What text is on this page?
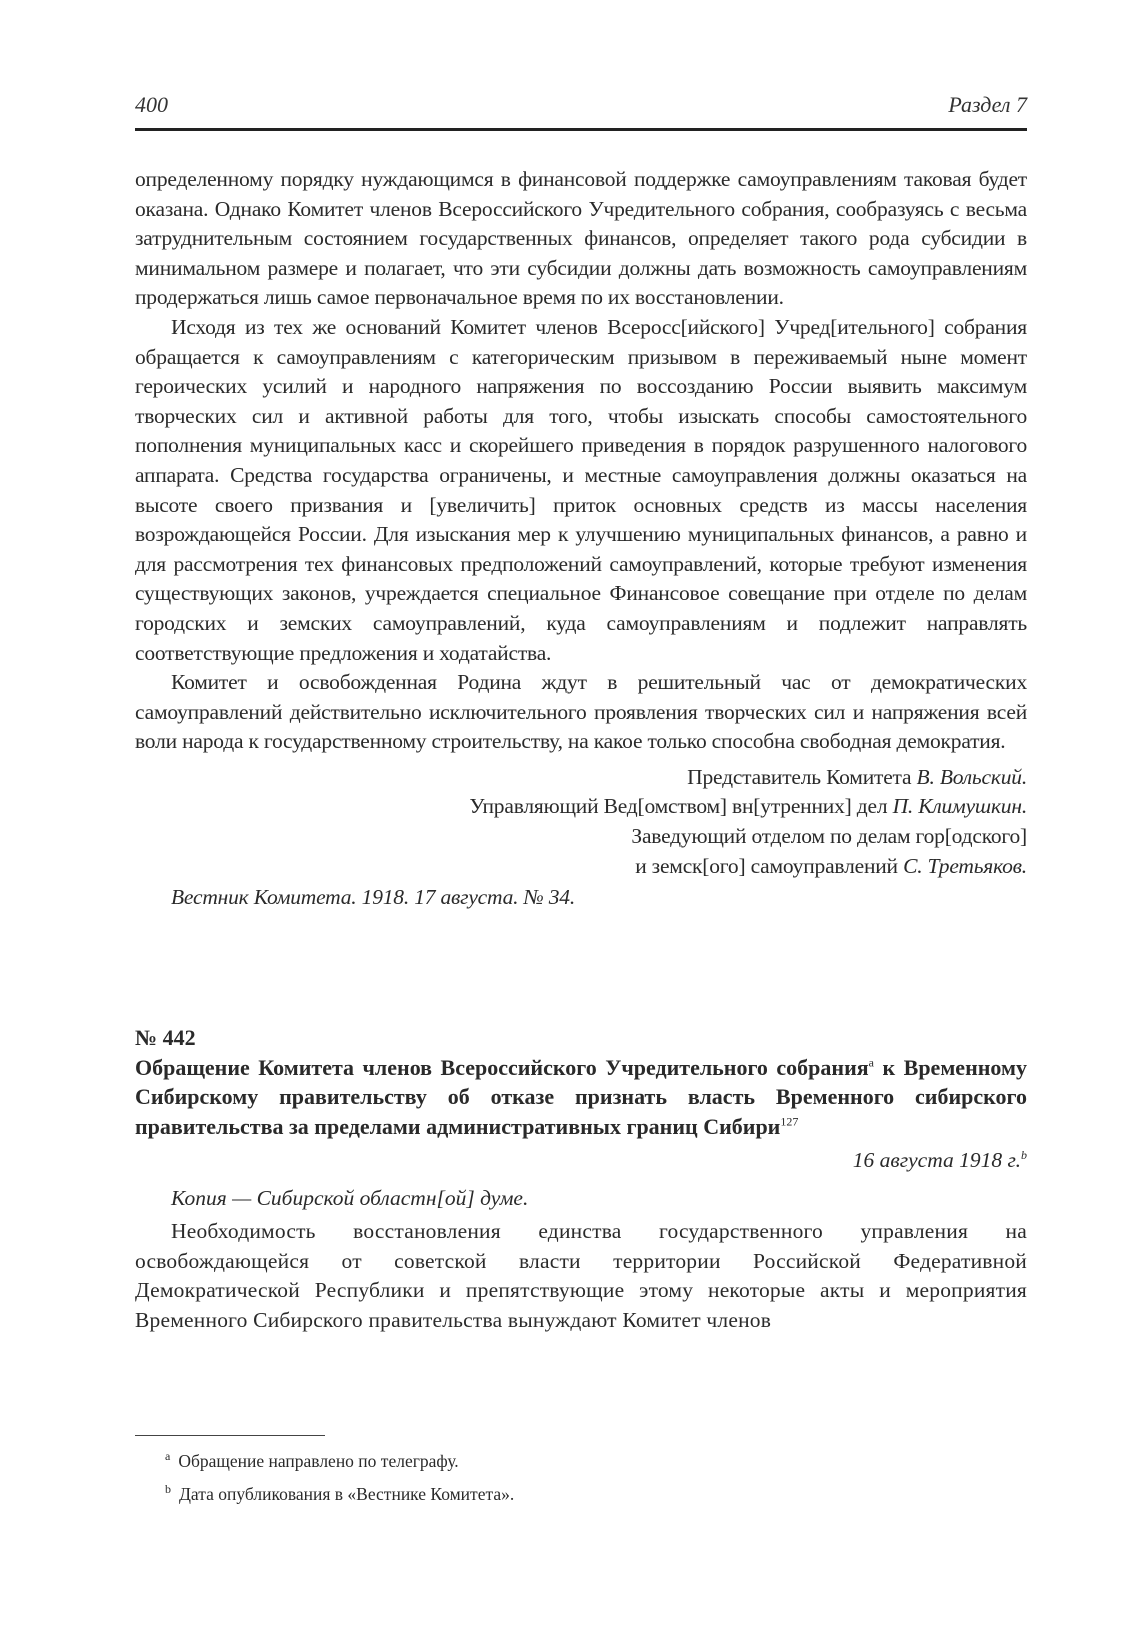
400	Раздел 7

определенному порядку нуждающимся в финансовой поддержке самоуправлениям таковая будет оказана. Однако Комитет членов Всероссийского Учредительного собрания, сообразуясь с весьма затруднительным состоянием государственных финансов, определяет такого рода субсидии в минимальном размере и полагает, что эти субсидии должны дать возможность самоуправлениям продержаться лишь самое первоначальное время по их восстановлении.

Исходя из тех же оснований Комитет членов Всеросс[ийского] Учред[ительного] собрания обращается к самоуправлениям с категорическим призывом в переживаемый ныне момент героических усилий и народного напряжения по воссозданию России выявить максимум творческих сил и активной работы для того, чтобы изыскать способы самостоятельного пополнения муниципальных касс и скорейшего приведения в порядок разрушенного налогового аппарата. Средства государства ограничены, и местные самоуправления должны оказаться на высоте своего призвания и [увеличить] приток основных средств из массы населения возрождающейся России. Для изыскания мер к улучшению муниципальных финансов, а равно и для рассмотрения тех финансовых предположений самоуправлений, которые требуют изменения существующих законов, учреждается специальное Финансовое совещание при отделе по делам городских и земских самоуправлений, куда самоуправлениям и подлежит направлять соответствующие предложения и ходатайства.

Комитет и освобожденная Родина ждут в решительный час от демократических самоуправлений действительно исключительного проявления творческих сил и напряжения всей воли народа к государственному строительству, на какое только способна свободная демократия.

Представитель Комитета В. Вольский.

Управляющий Вед[омством] вн[утренних] дел П. Климушкин.

Заведующий отделом по делам гор[одского]

и земск[ого] самоуправлений С. Третьяков.

Вестник Комитета. 1918. 17 августа. № 34.

№ 442

Обращение Комитета членов Всероссийского Учредительного собрания$^a$ к Временному Сибирскому правительству об отказе признать власть Временного сибирского правительства за пределами административных границ Сибири$^{127}$

16 августа 1918 г.$^b$

Копия — Сибирской областн[ой] думе.

Необходимость восстановления единства государственного управления на освобождающейся от советской власти территории Российской Федеративной Демократической Республики и препятствующие этому некоторые акты и мероприятия Временного Сибирского правительства вынуждают Комитет членов

$^a$ Обращение направлено по телеграфу.

$^b$ Дата опубликования в «Вестнике Комитета».
